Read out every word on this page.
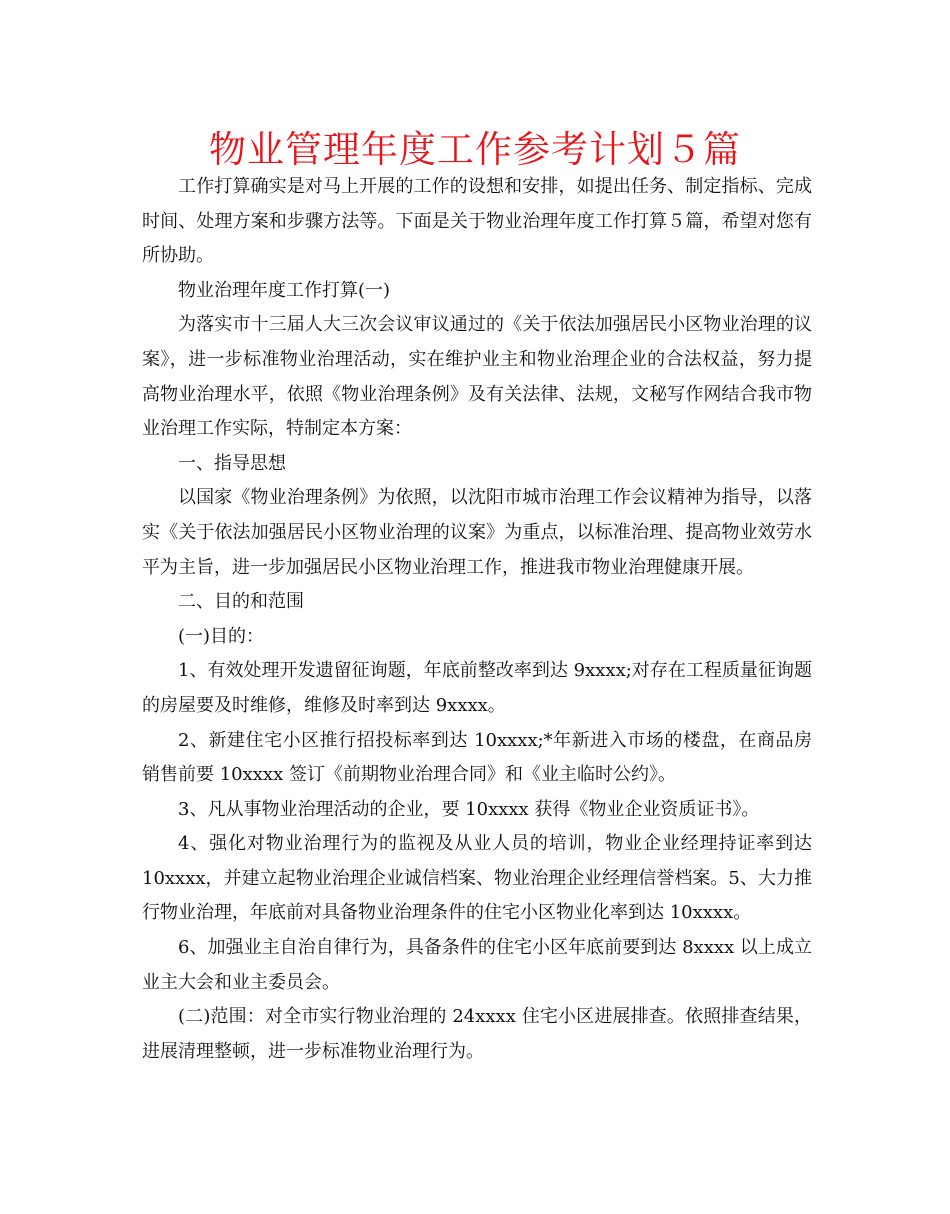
物业管理年度工作参考计划５篇

工作打算确实是对马上开展的工作的设想和安排，如提出任务、制定指标、完成时间、处理方案和步骤方法等。下面是关于物业治理年度工作打算５篇，希望对您有所协助。

物业治理年度工作打算(一)

为落实市十三届人大三次会议审议通过的《关于依法加强居民小区物业治理的议案》，进一步标准物业治理活动，实在维护业主和物业治理企业的合法权益，努力提高物业治理水平，依照《物业治理条例》及有关法律、法规，文秘写作网结合我市物业治理工作实际，特制定本方案：

一、指导思想

以国家《物业治理条例》为依照，以沈阳市城市治理工作会议精神为指导，以落实《关于依法加强居民小区物业治理的议案》为重点，以标准治理、提高物业效劳水平为主旨，进一步加强居民小区物业治理工作，推进我市物业治理健康开展。

二、目的和范围

(一)目的：

1、有效处理开发遗留征询题，年底前整改率到达 9xxxx;对存在工程质量征询题的房屋要及时维修，维修及时率到达 9xxxx。

2、新建住宅小区推行招投标率到达 10xxxx;*年新进入市场的楼盘，在商品房销售前要 10xxxx 签订《前期物业治理合同》和《业主临时公约》。

3、凡从事物业治理活动的企业，要 10xxxx 获得《物业企业资质证书》。

4、强化对物业治理行为的监视及从业人员的培训，物业企业经理持证率到达 10xxxx，并建立起物业治理企业诚信档案、物业治理企业经理信誉档案。5、大力推行物业治理，年底前对具备物业治理条件的住宅小区物业化率到达 10xxxx。

6、加强业主自治自律行为，具备条件的住宅小区年底前要到达 8xxxx 以上成立业主大会和业主委员会。

(二)范围：对全市实行物业治理的 24xxxx 住宅小区进展排查。依照排查结果，进展清理整顿，进一步标准物业治理行为。
